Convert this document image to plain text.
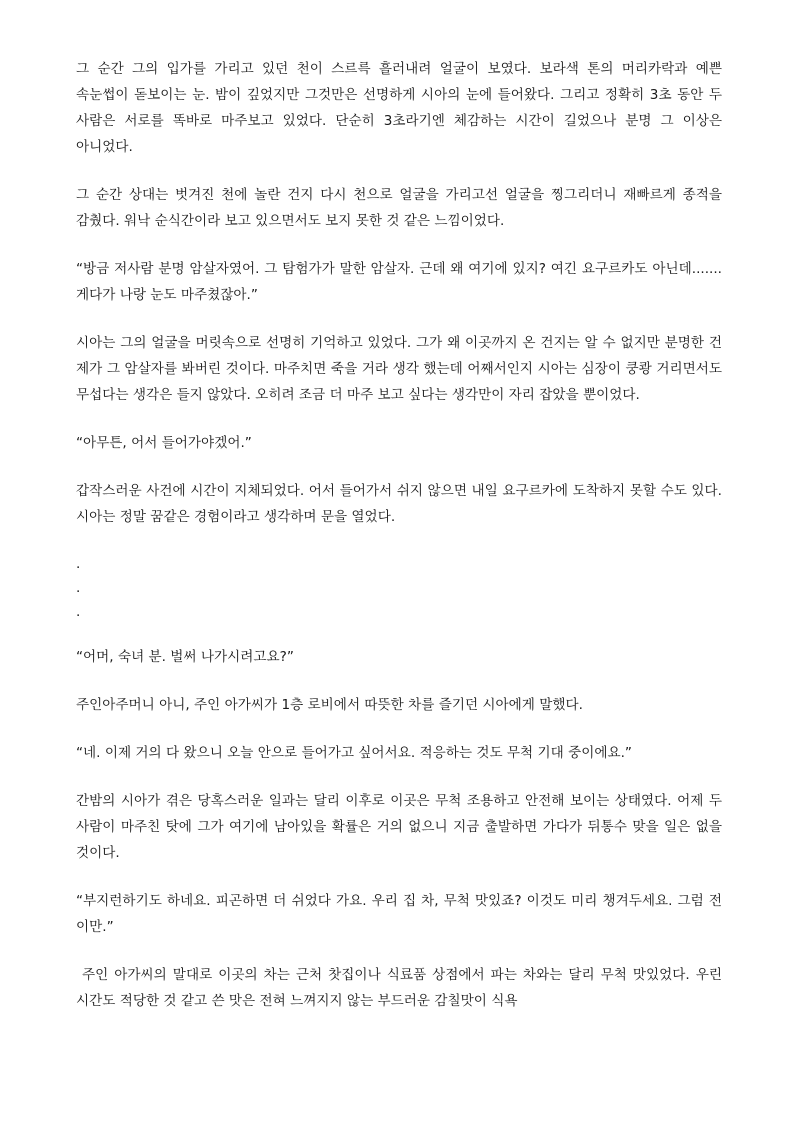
그 순간 그의 입가를 가리고 있던 천이 스르륵 흘러내려 얼굴이 보였다. 보라색 톤의 머리카락과 예쁜 속눈썹이 돋보이는 눈. 밤이 깊었지만 그것만은 선명하게 시아의 눈에 들어왔다. 그리고 정확히 3초 동안 두 사람은 서로를 똑바로 마주보고 있었다. 단순히 3초라기엔 체감하는 시간이 길었으나 분명 그 이상은 아니었다.

그 순간 상대는 벗겨진 천에 놀란 건지 다시 천으로 얼굴을 가리고선 얼굴을 찡그리더니 재빠르게 종적을 감췄다. 워낙 순식간이라 보고 있으면서도 보지 못한 것 같은 느낌이었다.

“방금 저사람 분명 암살자였어. 그 탐험가가 말한 암살자. 근데 왜 여기에 있지? 여긴 요구르카도 아닌데....... 게다가 나랑 눈도 마주쳤잖아.”

시아는 그의 얼굴을 머릿속으로 선명히 기억하고 있었다. 그가 왜 이곳까지 온 건지는 알 수 없지만 분명한 건 제가 그 암살자를 봐버린 것이다. 마주치면 죽을 거라 생각 했는데 어째서인지 시아는 심장이 쿵쾅 거리면서도 무섭다는 생각은 들지 않았다. 오히려 조금 더 마주 보고 싶다는 생각만이 자리 잡았을 뿐이었다.

“아무튼, 어서 들어가야겠어.”

갑작스러운 사건에 시간이 지체되었다. 어서 들어가서 쉬지 않으면 내일 요구르카에 도착하지 못할 수도 있다. 시아는 정말 꿈같은 경험이라고 생각하며 문을 열었다.

.
.
.

“어머, 숙녀 분. 벌써 나가시려고요?”

주인아주머니 아니, 주인 아가씨가 1층 로비에서 따뜻한 차를 즐기던 시아에게 말했다.

“네. 이제 거의 다 왔으니 오늘 안으로 들어가고 싶어서요. 적응하는 것도 무척 기대 중이에요.”

간밤의 시아가 겪은 당혹스러운 일과는 달리 이후로 이곳은 무척 조용하고 안전해 보이는 상태였다. 어제 두 사람이 마주친 탓에 그가 여기에 남아있을 확률은 거의 없으니 지금 출발하면 가다가 뒤통수 맞을 일은 없을 것이다.

“부지런하기도 하네요. 피곤하면 더 쉬었다 가요. 우리 집 차, 무척 맛있죠? 이것도 미리 챙겨두세요. 그럼 전 이만.”

주인 아가씨의 말대로 이곳의 차는 근처 찻집이나 식료품 상점에서 파는 차와는 달리 무척 맛있었다. 우린 시간도 적당한 것 같고 쓴 맛은 전혀 느껴지지 않는 부드러운 감칠맛이 식욕
